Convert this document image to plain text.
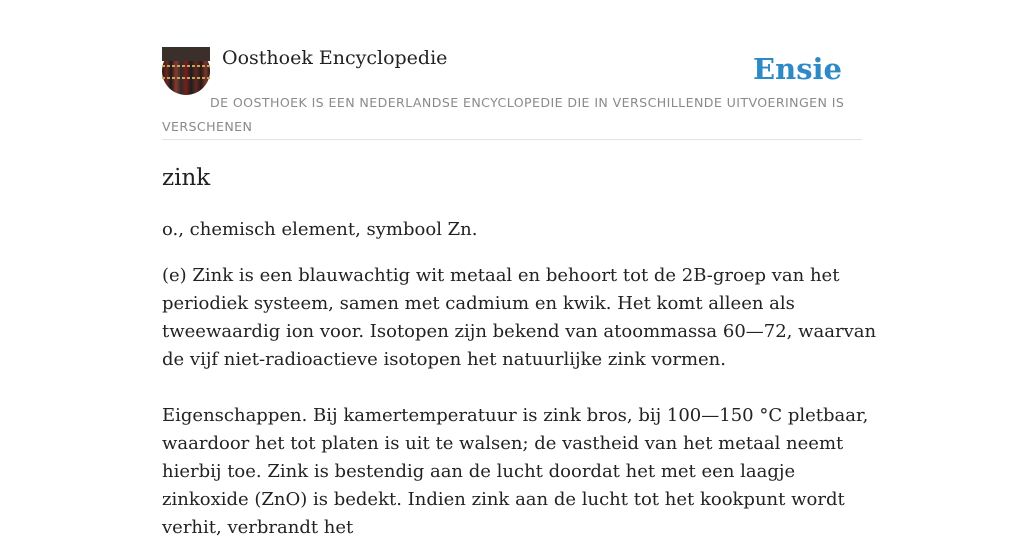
Oosthoek Encyclopedie	Ensie
DE OOSTHOEK IS EEN NEDERLANDSE ENCYCLOPEDIE DIE IN VERSCHILLENDE UITVOERINGEN IS VERSCHENEN
zink
o., chemisch element, symbool Zn.

(e) Zink is een blauwachtig wit metaal en behoort tot de 2B-groep van het periodiek systeem, samen met cadmium en kwik. Het komt alleen als tweewaardig ion voor. Isotopen zijn bekend van atoommassa 60—72, waarvan de vijf niet-radioactieve isotopen het natuurlijke zink vormen.

Eigenschappen. Bij kamertemperatuur is zink bros, bij 100—150 °C pletbaar, waardoor het tot platen is uit te walsen; de vastheid van het metaal neemt hierbij toe. Zink is bestendig aan de lucht doordat het met een laagje zinkoxide (ZnO) is bedekt. Indien zink aan de lucht tot het kookpunt wordt verhit, verbrandt het
